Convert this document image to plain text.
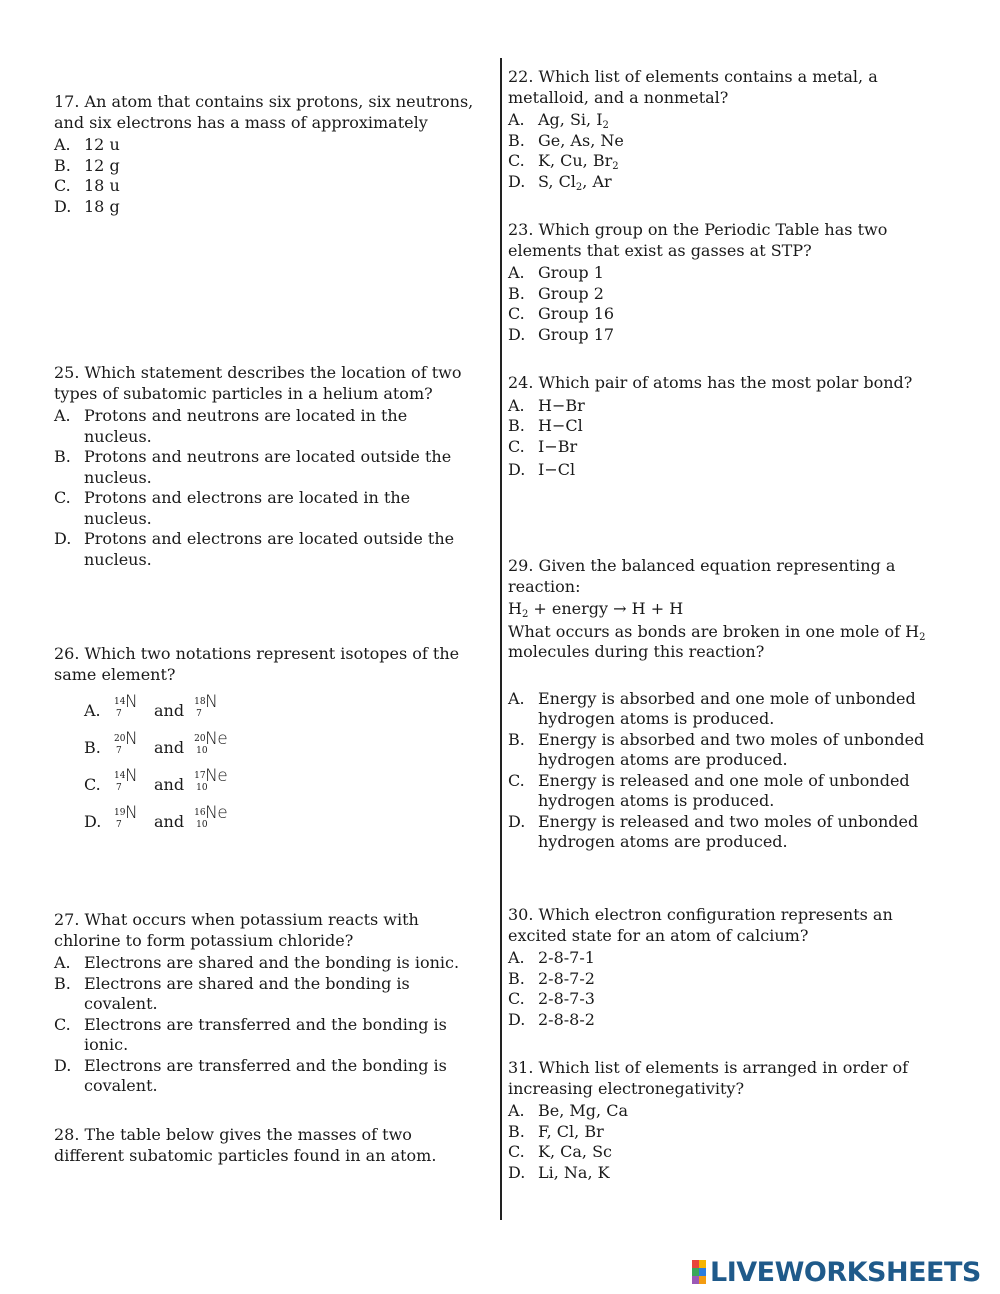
17. An atom that contains six protons, six neutrons, and six electrons has a mass of approximately
A. 12 u
B. 12 g
C. 18 u
D. 18 g
25. Which statement describes the location of two types of subatomic particles in a helium atom?
A. Protons and neutrons are located in the nucleus.
B. Protons and neutrons are located outside the nucleus.
C. Protons and electrons are located in the nucleus.
D. Protons and electrons are located outside the nucleus.
26. Which two notations represent isotopes of the same element?
A.	14
7
N and 18
7
N
B.	20
7
N and 20
10
Ne
C.	14
7
N and 17
10
Ne
D.	19
7
N and 16
10
Ne
27. What occurs when potassium reacts with chlorine to form potassium chloride?
A. Electrons are shared and the bonding is ionic.
B. Electrons are shared and the bonding is covalent.
C. Electrons are transferred and the bonding is ionic.
D. Electrons are transferred and the bonding is covalent.
28. The table below gives the masses of two different subatomic particles found in an atom.
22. Which list of elements contains a metal, a metalloid, and a nonmetal?
A. Ag, Si, $I_2$
B. Ge, As, Ne
C. K, Cu, $Br_2$
D. S, $Cl_2$, Ar
23. Which group on the Periodic Table has two elements that exist as gasses at STP?
A. Group 1
B. Group 2
C. Group 16
D. Group 17
24. Which pair of atoms has the most polar bond?
A. H−Br
B. H−Cl
C. I−Br
D. I−Cl
29. Given the balanced equation representing a reaction:
$H_2$ + energy → H + H
What occurs as bonds are broken in one mole of $H_2$ molecules during this reaction?
A. Energy is absorbed and one mole of unbonded hydrogen atoms is produced.
B. Energy is absorbed and two moles of unbonded hydrogen atoms are produced.
C. Energy is released and one mole of unbonded hydrogen atoms is produced.
D. Energy is released and two moles of unbonded hydrogen atoms are produced.
30. Which electron configuration represents an excited state for an atom of calcium?
A. 2-8-7-1
B. 2-8-7-2
C. 2-8-7-3
D. 2-8-8-2
31. Which list of elements is arranged in order of increasing electronegativity?
A. Be, Mg, Ca
B. F, Cl, Br
C. K, Ca, Sc
D. Li, Na, K
LIVEWORKSHEETS
